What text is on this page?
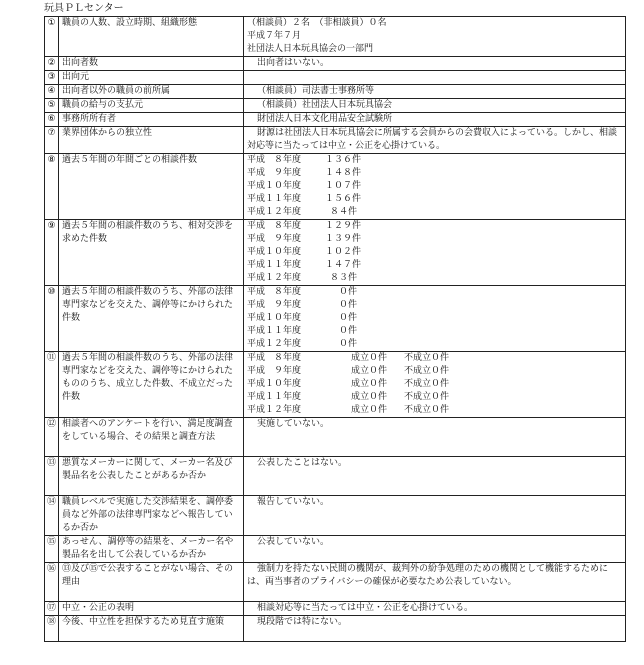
玩具ＰＬセンター
①	職員の人数、設立時期、組織形態	（相談員）２名　（非相談員）０名
平成７年７月
社団法人日本玩具協会の一部門

②	出向者数	出向者はいない。

③	出向元	
④	出向者以外の職員の前所属	（相談員）司法書士事務所等

⑤	職員の給与の支払元	（相談員）社団法人日本玩具協会

⑥	事務所所有者	財団法人日本文化用品安全試験所

⑦	業界団体からの独立性	財源は社団法人日本玩具協会に所属する会員からの会費収入によっている。しかし、相談対応等に当たっては中立・公正を心掛けている。

⑧	過去５年間の年間ごとの相談件数	平成　８年度 １３６件
平成　９年度 １４８件
平成１０年度 １０７件
平成１１年度 １５６件
平成１２年度 ８４件

⑨	過去５年間の相談件数のうち、相対交渉を求めた件数	平成　８年度 １２９件
平成　９年度 １３９件
平成１０年度 １０２件
平成１１年度 １４７件
平成１２年度 ８３件

⑩	過去５年間の相談件数のうち、外部の法律専門家などを交えた、調停等にかけられた件数	平成　８年度 ０件
平成　９年度 ０件
平成１０年度 ０件
平成１１年度 ０件
平成１２年度 ０件

⑪	過去５年間の相談件数のうち、外部の法律専門家などを交えた、調停等にかけられたもののうち、成立した件数、不成立だった件数	平成　８年度 成立０件 不成立０件
平成　９年度 成立０件 不成立０件
平成１０年度 成立０件 不成立０件
平成１１年度 成立０件 不成立０件
平成１２年度 成立０件 不成立０件

⑫	相談者へのアンケートを行い、満足度調査をしている場合、その結果と調査方法	実施していない。

⑬	悪質なメーカーに関して、メーカー名及び製品名を公表したことがあるか否か	公表したことはない。

⑭	職員レベルで実施した交渉結果を、調停委員など外部の法律専門家などへ報告しているか否か	報告していない。

⑮	あっせん、調停等の結果を、メーカー名や製品名を出して公表しているか否か	公表していない。

⑯	⑬及び⑮で公表することがない場合、その理由	強制力を持たない民間の機関が、裁判外の紛争処理のための機関として機能するためには、両当事者のプライバシーの確保が必要なため公表していない。

⑰	中立・公正の表明	相談対応等に当たっては中立・公正を心掛けている。

⑱	今後、中立性を担保するため見直す施策	現段階では特にない。
